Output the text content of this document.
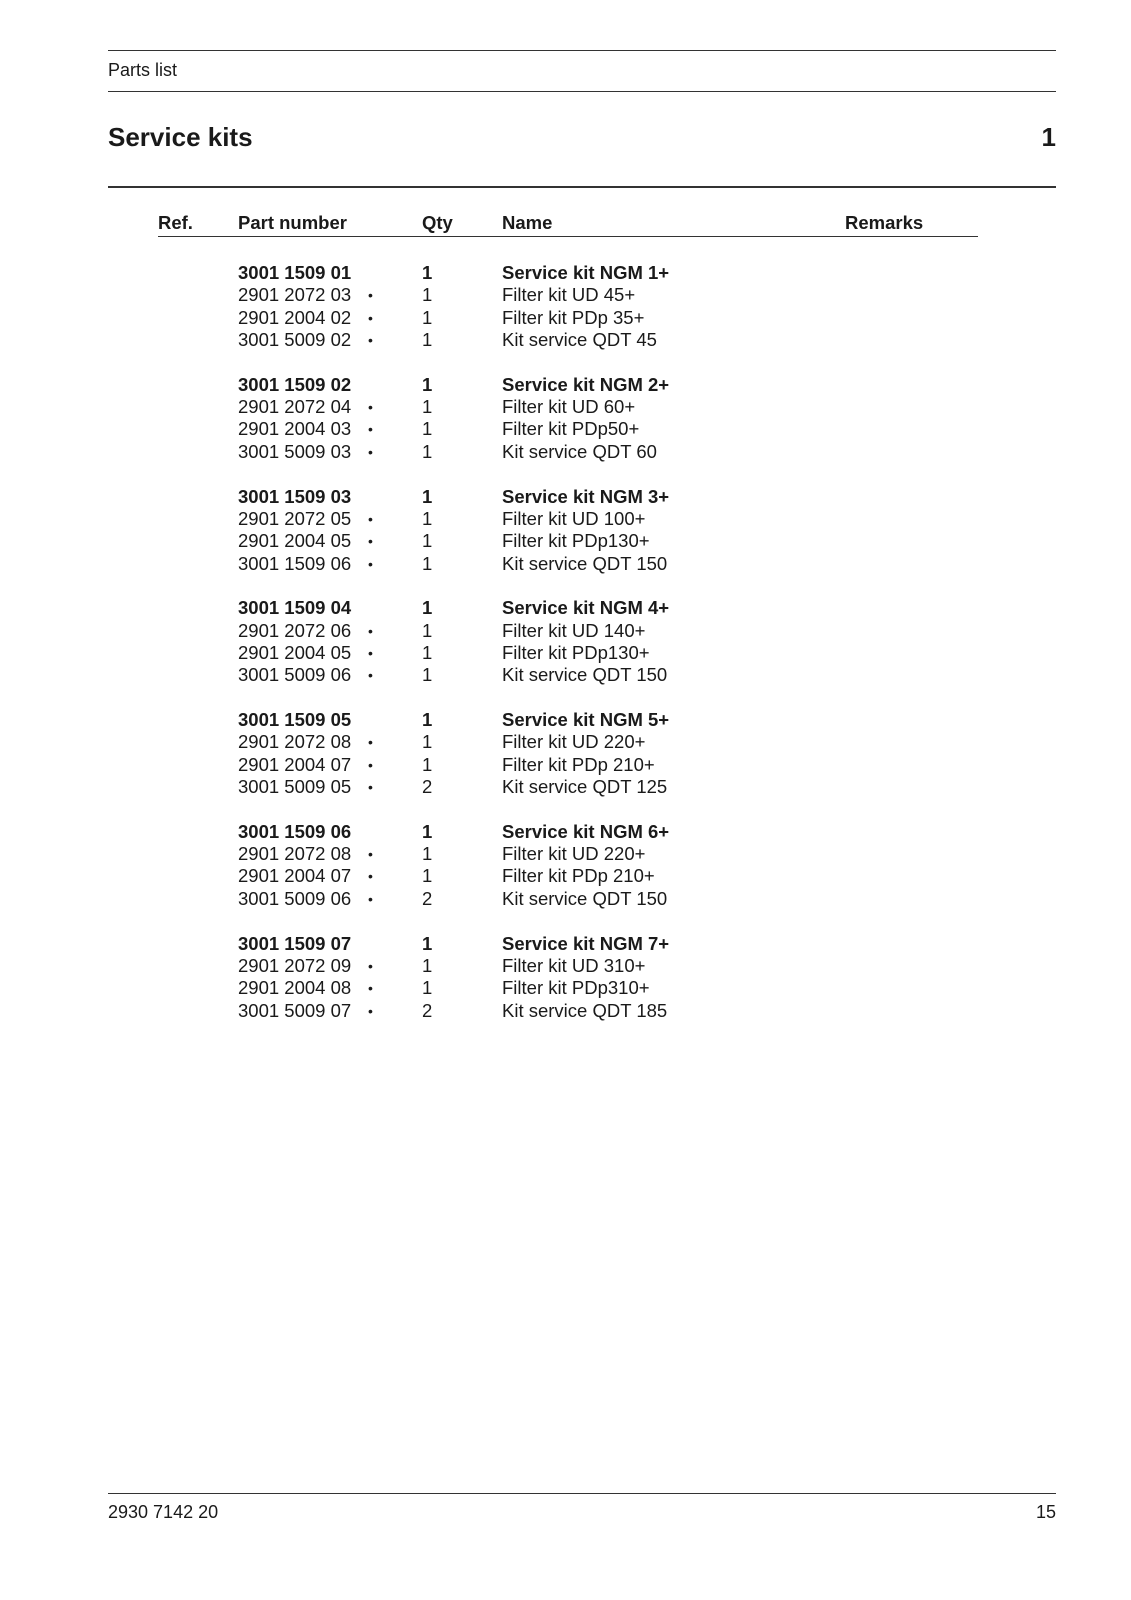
Parts list
Service kits	1
Ref. Part number	Qty	Name	Remarks
3001 1509 01	1	Service kit NGM 1+
2901 2072 03 •	1	Filter kit UD 45+
2901 2004 02 •	1	Filter kit PDp 35+
3001 5009 02 •	1	Kit service QDT 45
3001 1509 02	1	Service kit NGM 2+
2901 2072 04 •	1	Filter kit UD 60+
2901 2004 03 •	1	Filter kit PDp50+
3001 5009 03 •	1	Kit service QDT 60
3001 1509 03	1	Service kit NGM 3+
2901 2072 05 •	1	Filter kit UD 100+
2901 2004 05 •	1	Filter kit PDp130+
3001 1509 06 •	1	Kit service QDT 150
3001 1509 04	1	Service kit NGM 4+
2901 2072 06 •	1	Filter kit UD 140+
2901 2004 05 •	1	Filter kit PDp130+
3001 5009 06 •	1	Kit service QDT 150
3001 1509 05	1	Service kit NGM 5+
2901 2072 08 •	1	Filter kit UD 220+
2901 2004 07 •	1	Filter kit PDp 210+
3001 5009 05 •	2	Kit service QDT 125
3001 1509 06	1	Service kit NGM 6+
2901 2072 08 •	1	Filter kit UD 220+
2901 2004 07 •	1	Filter kit PDp 210+
3001 5009 06 •	2	Kit service QDT 150
3001 1509 07	1	Service kit NGM 7+
2901 2072 09 •	1	Filter kit UD 310+
2901 2004 08 •	1	Filter kit PDp310+
3001 5009 07 •	2	Kit service QDT 185
2930 7142 20	15
